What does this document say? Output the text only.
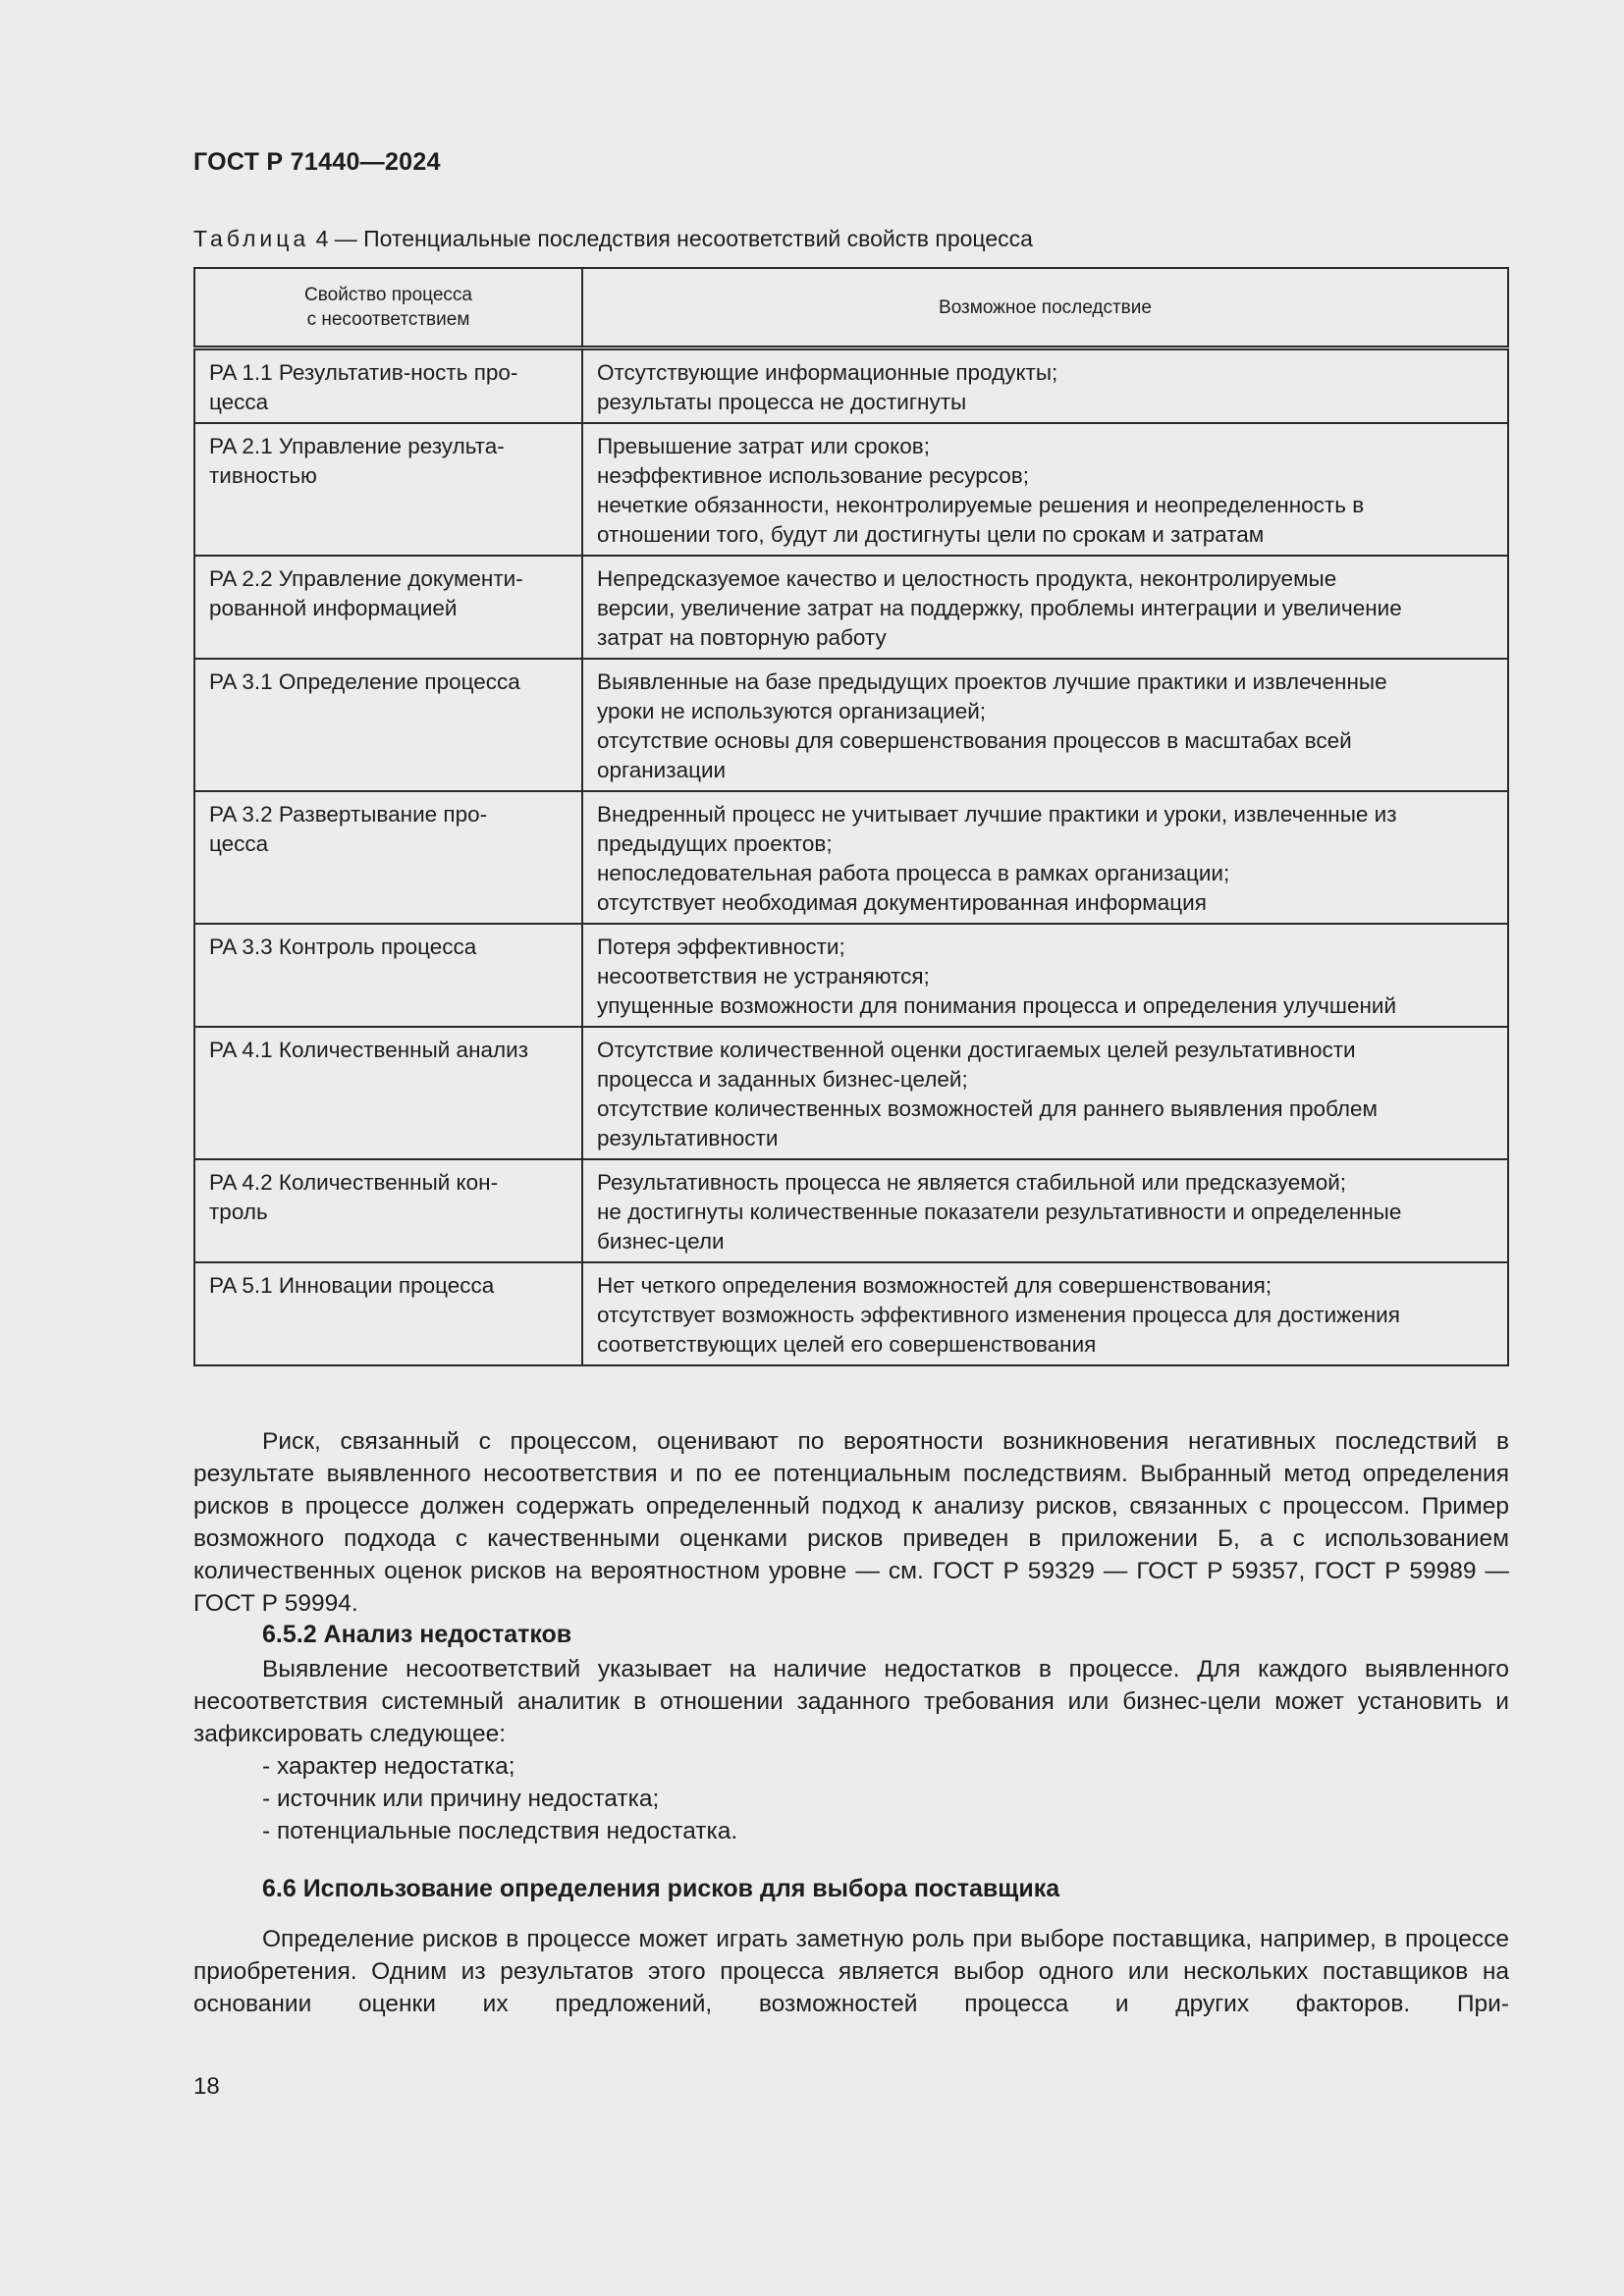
ГОСТ Р 71440—2024
Таблица 4 — Потенциальные последствия несоответствий свойств процесса
Свойство процесса
с несоответствием	Возможное последствие
PA 1.1 Результатив-ность про-
цесса	Отсутствующие информационные продукты;
результаты процесса не достигнуты
PA 2.1 Управление результа-
тивностью	Превышение затрат или сроков;
неэффективное использование ресурсов;
нечеткие обязанности, неконтролируемые решения и неопределенность в
отношении того, будут ли достигнуты цели по срокам и затратам
PA 2.2 Управление документи-
рованной информацией	Непредсказуемое качество и целостность продукта, неконтролируемые
версии, увеличение затрат на поддержку, проблемы интеграции и увеличение
затрат на повторную работу
PA 3.1 Определение процесса	Выявленные на базе предыдущих проектов лучшие практики и извлеченные
уроки не используются организацией;
отсутствие основы для совершенствования процессов в масштабах всей
организации
PA 3.2 Развертывание про-
цесса	Внедренный процесс не учитывает лучшие практики и уроки, извлеченные из
предыдущих проектов;
непоследовательная работа процесса в рамках организации;
отсутствует необходимая документированная информация
PA 3.3 Контроль процесса	Потеря эффективности;
несоответствия не устраняются;
упущенные возможности для понимания процесса и определения улучшений
PA 4.1 Количественный анализ	Отсутствие количественной оценки достигаемых целей результативности
процесса и заданных бизнес-целей;
отсутствие количественных возможностей для раннего выявления проблем
результативности
PA 4.2 Количественный кон-
троль	Результативность процесса не является стабильной или предсказуемой;
не достигнуты количественные показатели результативности и определенные
бизнес-цели
PA 5.1 Инновации процесса	Нет четкого определения возможностей для совершенствования;
отсутствует возможность эффективного изменения процесса для достижения
соответствующих целей его совершенствования

Риск, связанный с процессом, оценивают по вероятности возникновения негативных последствий в результате выявленного несоответствия и по ее потенциальным последствиям. Выбранный метод определения рисков в процессе должен содержать определенный подход к анализу рисков, связанных с процессом. Пример возможного подхода с качественными оценками рисков приведен в приложении Б, а с использованием количественных оценок рисков на вероятностном уровне — см. ГОСТ Р 59329 — ГОСТ Р 59357, ГОСТ Р 59989 — ГОСТ Р 59994.

6.5.2 Анализ недостатков

Выявление несоответствий указывает на наличие недостатков в процессе. Для каждого выявленного несоответствия системный аналитик в отношении заданного требования или бизнес-цели может установить и зафиксировать следующее:

- характер недостатка;
- источник или причину недостатка;
- потенциальные последствия недостатка.
6.6 Использование определения рисков для выбора поставщика

Определение рисков в процессе может играть заметную роль при выборе поставщика, например, в процессе приобретения. Одним из результатов этого процесса является выбор одного или нескольких поставщиков на основании оценки их предложений, возможностей процесса и других факторов. При-

18
